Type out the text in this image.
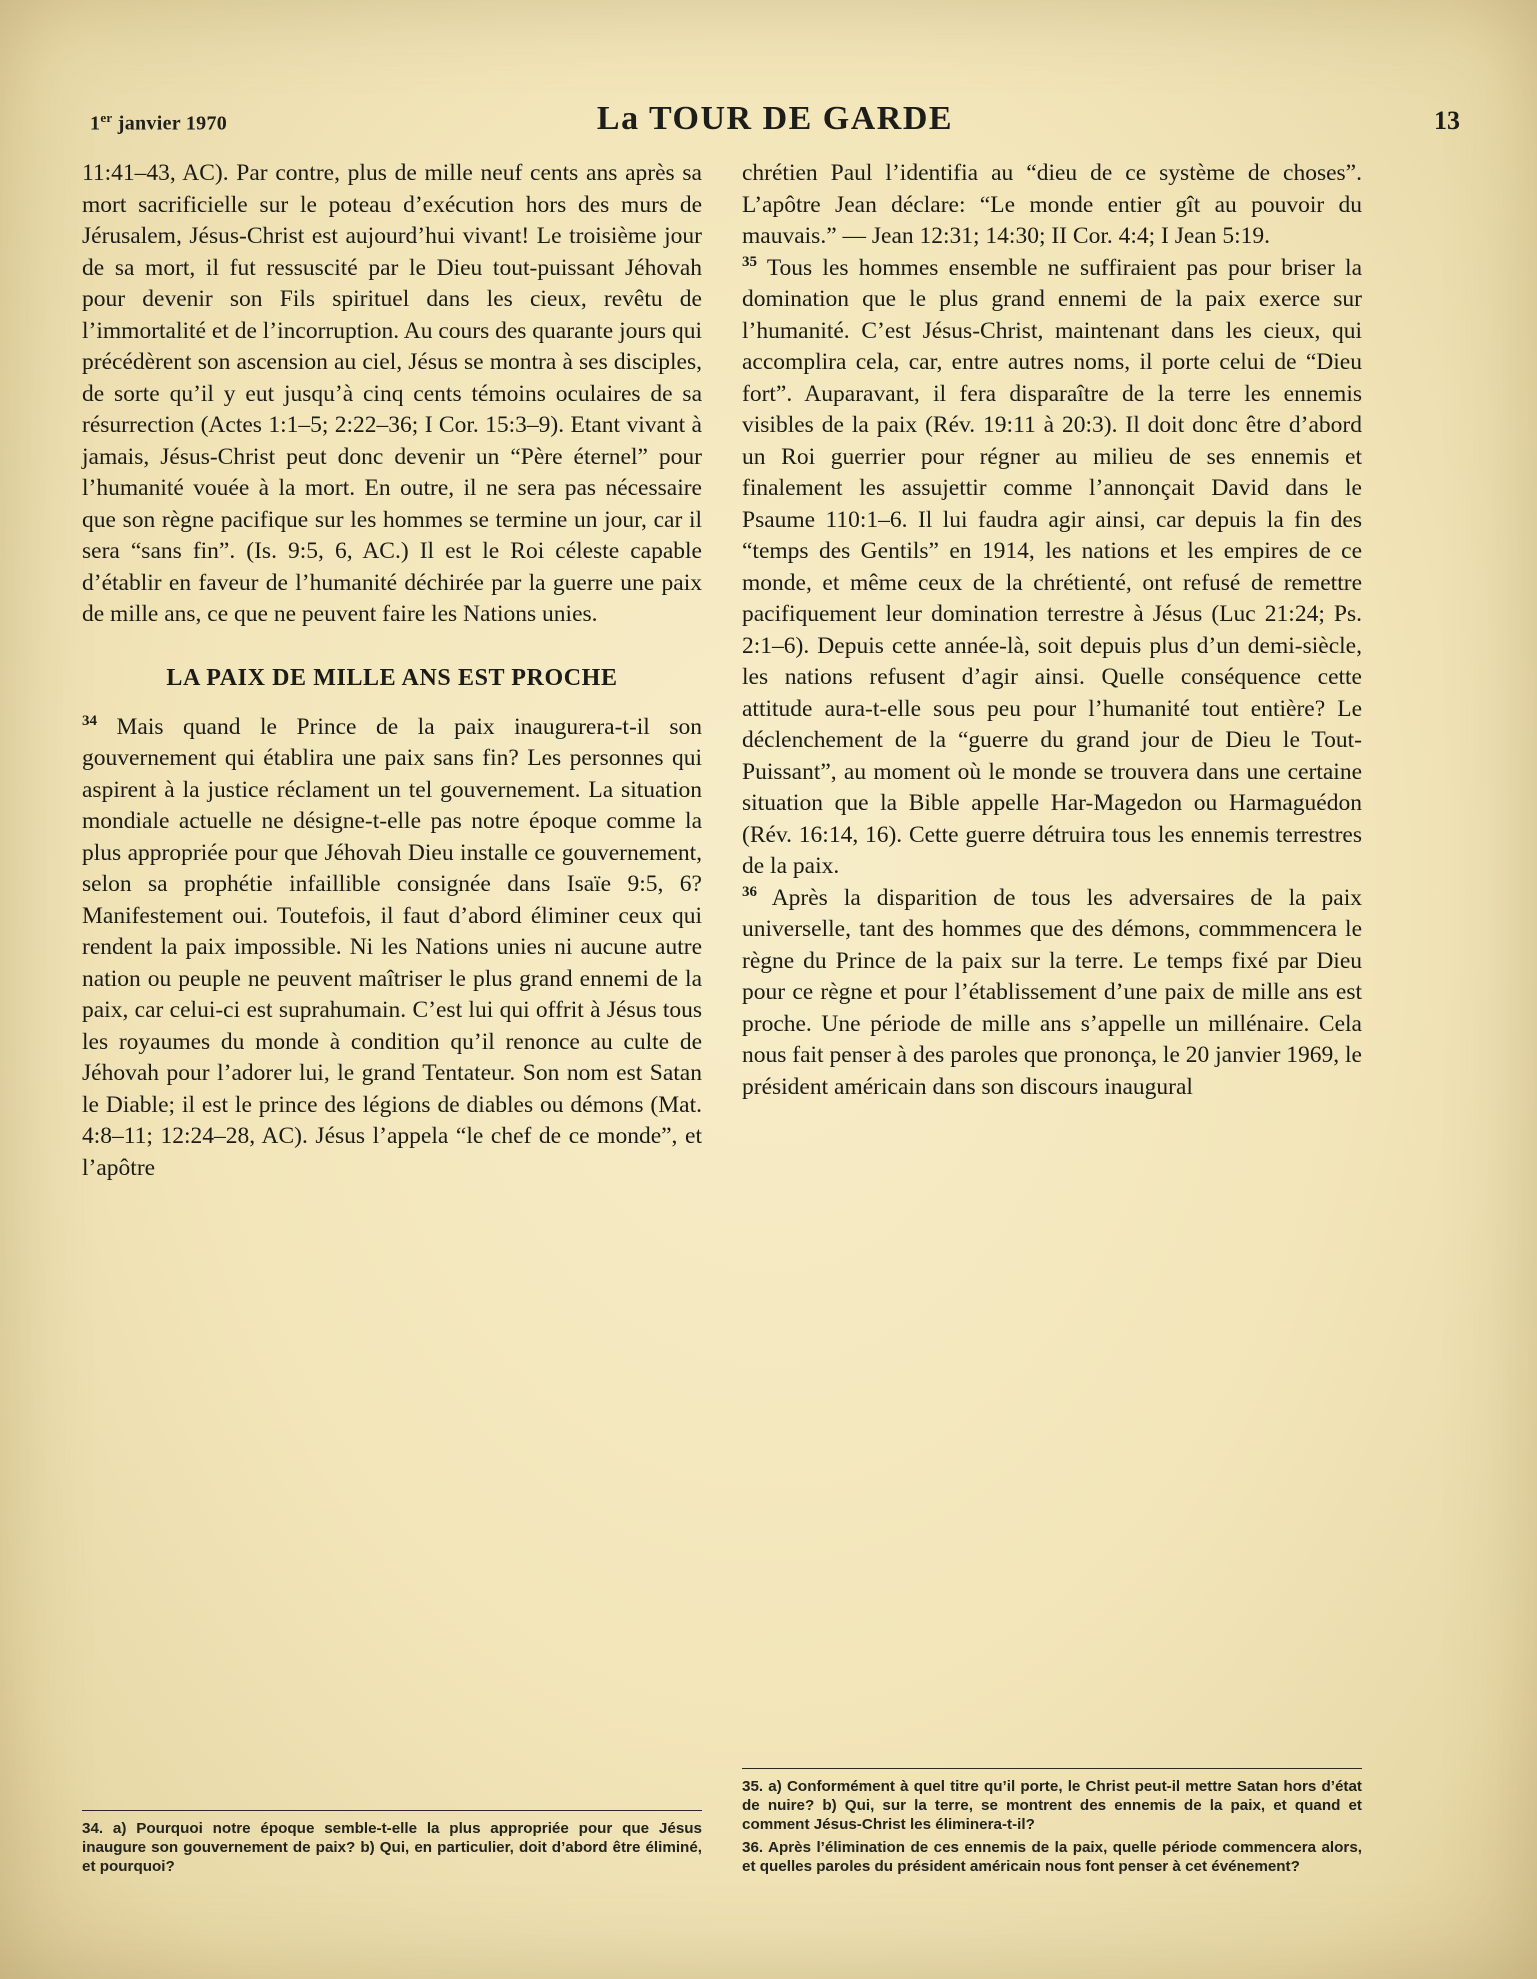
1er janvier 1970	La TOUR DE GARDE	13

11:41–43, AC). Par contre, plus de mille neuf cents ans après sa mort sacrificielle sur le poteau d’exécution hors des murs de Jérusalem, Jésus-Christ est aujourd’hui vivant! Le troisième jour de sa mort, il fut ressuscité par le Dieu tout-puissant Jéhovah pour devenir son Fils spirituel dans les cieux, revêtu de l’immortalité et de l’incorruption. Au cours des quarante jours qui précédèrent son ascension au ciel, Jésus se montra à ses disciples, de sorte qu’il y eut jusqu’à cinq cents témoins oculaires de sa résurrection (Actes 1:1–5; 2:22–36; I Cor. 15:3–9). Etant vivant à jamais, Jésus-Christ peut donc devenir un “Père éternel” pour l’humanité vouée à la mort. En outre, il ne sera pas nécessaire que son règne pacifique sur les hommes se termine un jour, car il sera “sans fin”. (Is. 9:5, 6, AC.) Il est le Roi céleste capable d’établir en faveur de l’humanité déchirée par la guerre une paix de mille ans, ce que ne peuvent faire les Nations unies.

LA PAIX DE MILLE ANS EST PROCHE

$^{34}$ Mais quand le Prince de la paix inaugurera-t-il son gouvernement qui établira une paix sans fin? Les personnes qui aspirent à la justice réclament un tel gouvernement. La situation mondiale actuelle ne désigne-t-elle pas notre époque comme la plus appropriée pour que Jéhovah Dieu installe ce gouvernement, selon sa prophétie infaillible consignée dans Isaïe 9:5, 6? Manifestement oui. Toutefois, il faut d’abord éliminer ceux qui rendent la paix impossible. Ni les Nations unies ni aucune autre nation ou peuple ne peuvent maîtriser le plus grand ennemi de la paix, car celui-ci est suprahumain. C’est lui qui offrit à Jésus tous les royaumes du monde à condition qu’il renonce au culte de Jéhovah pour l’adorer lui, le grand Tentateur. Son nom est Satan le Diable; il est le prince des légions de diables ou démons (Mat. 4:8–11; 12:24–28, AC). Jésus l’appela “le chef de ce monde”, et l’apôtre

34. a) Pourquoi notre époque semble-t-elle la plus appropriée pour que Jésus inaugure son gouvernement de paix? b) Qui, en particulier, doit d’abord être éliminé, et pourquoi?

chrétien Paul l’identifia au “dieu de ce système de choses”. L’apôtre Jean déclare: “Le monde entier gît au pouvoir du mauvais.” — Jean 12:31; 14:30; II Cor. 4:4; I Jean 5:19.

$^{35}$ Tous les hommes ensemble ne suffiraient pas pour briser la domination que le plus grand ennemi de la paix exerce sur l’humanité. C’est Jésus-Christ, maintenant dans les cieux, qui accomplira cela, car, entre autres noms, il porte celui de “Dieu fort”. Auparavant, il fera disparaître de la terre les ennemis visibles de la paix (Rév. 19:11 à 20:3). Il doit donc être d’abord un Roi guerrier pour régner au milieu de ses ennemis et finalement les assujettir comme l’annonçait David dans le Psaume 110:1–6. Il lui faudra agir ainsi, car depuis la fin des “temps des Gentils” en 1914, les nations et les empires de ce monde, et même ceux de la chrétienté, ont refusé de remettre pacifiquement leur domination terrestre à Jésus (Luc 21:24; Ps. 2:1–6). Depuis cette année-là, soit depuis plus d’un demi-siècle, les nations refusent d’agir ainsi. Quelle conséquence cette attitude aura-t-elle sous peu pour l’humanité tout entière? Le déclenchement de la “guerre du grand jour de Dieu le Tout-Puissant”, au moment où le monde se trouvera dans une certaine situation que la Bible appelle Har-Magedon ou Harmaguédon (Rév. 16:14, 16). Cette guerre détruira tous les ennemis terrestres de la paix.

$^{36}$ Après la disparition de tous les adversaires de la paix universelle, tant des hommes que des démons, commmencera le règne du Prince de la paix sur la terre. Le temps fixé par Dieu pour ce règne et pour l’établissement d’une paix de mille ans est proche. Une période de mille ans s’appelle un millénaire. Cela nous fait penser à des paroles que prononça, le 20 janvier 1969, le président américain dans son discours inaugural

35. a) Conformément à quel titre qu’il porte, le Christ peut-il mettre Satan hors d’état de nuire? b) Qui, sur la terre, se montrent des ennemis de la paix, et quand et comment Jésus-Christ les éliminera-t-il?

36. Après l’élimination de ces ennemis de la paix, quelle période commencera alors, et quelles paroles du président américain nous font penser à cet événement?
